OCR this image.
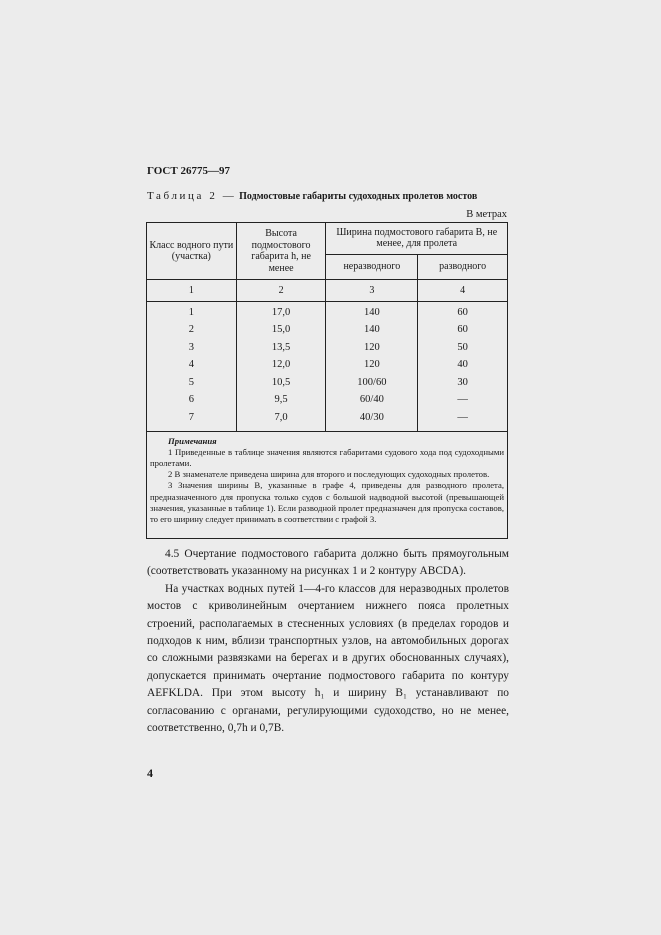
ГОСТ 26775—97
Таблица 2 — Подмостовые габариты судоходных пролетов мостов
В метрах
Класс водного пути (участка)	Высота подмостового габарита h, не менее	Ширина подмостового габарита B, не менее, для пролета	
		неразводного	разводного
1	2	3	4
1	17,0	140	60
2	15,0	140	60
3	13,5	120	50
4	12,0	120	40
5	10,5	100/60	30
6	9,5	60/40	—
7	7,0	40/30	—

Примечания
1 Приведенные в таблице значения являются габаритами судового хода под судоходными пролетами.
2 В знаменателе приведена ширина для второго и последующих судоходных пролетов.
3 Значения ширины B, указанные в графе 4, приведены для разводного пролета, предназначенного для пропуска только судов с большой надводной высотой (превышающей значения, указанные в таблице 1). Если разводной пролет предназначен для пропуска составов, то его ширину следует принимать в соответствии с графой 3.			

4.5 Очертание подмостового габарита должно быть прямоугольным (соответствовать указанному на рисунках 1 и 2 контуру ABCDA).

На участках водных путей 1—4-го классов для неразводных пролетов мостов с криволинейным очертанием нижнего пояса пролетных строений, располагаемых в стесненных условиях (в пределах городов и подходов к ним, вблизи транспортных узлов, на автомобильных дорогах со сложными развязками на берегах и в других обоснованных случаях), допускается принимать очертание подмостового габарита по контуру AEFKLDA. При этом высоту h₁ и ширину B₁ устанавливают по согласованию с органами, регулирующими судоходство, но не менее, соответственно, 0,7h и 0,7B.

4
